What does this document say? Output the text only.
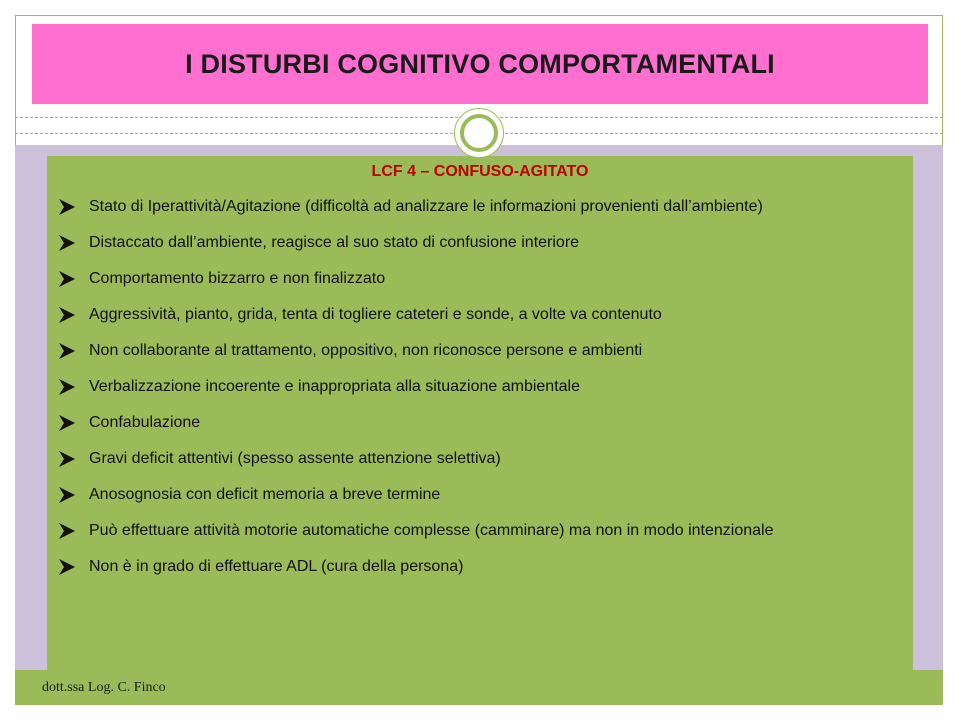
I DISTURBI COGNITIVO COMPORTAMENTALI
LCF 4 – CONFUSO-AGITATO
Stato di Iperattività/Agitazione (difficoltà ad analizzare le informazioni provenienti dall’ambiente)
Distaccato dall’ambiente, reagisce al suo stato di confusione interiore
Comportamento bizzarro e non finalizzato
Aggressività, pianto, grida, tenta di togliere cateteri e sonde, a volte va contenuto
Non collaborante al trattamento, oppositivo, non riconosce persone e ambienti
Verbalizzazione incoerente e inappropriata alla situazione ambientale
Confabulazione
Gravi deficit attentivi (spesso assente attenzione selettiva)
Anosognosia con deficit memoria a breve termine
Può effettuare attività motorie automatiche complesse (camminare) ma non in modo intenzionale
Non è in grado di effettuare ADL (cura della persona)
dott.ssa Log. C. Finco
